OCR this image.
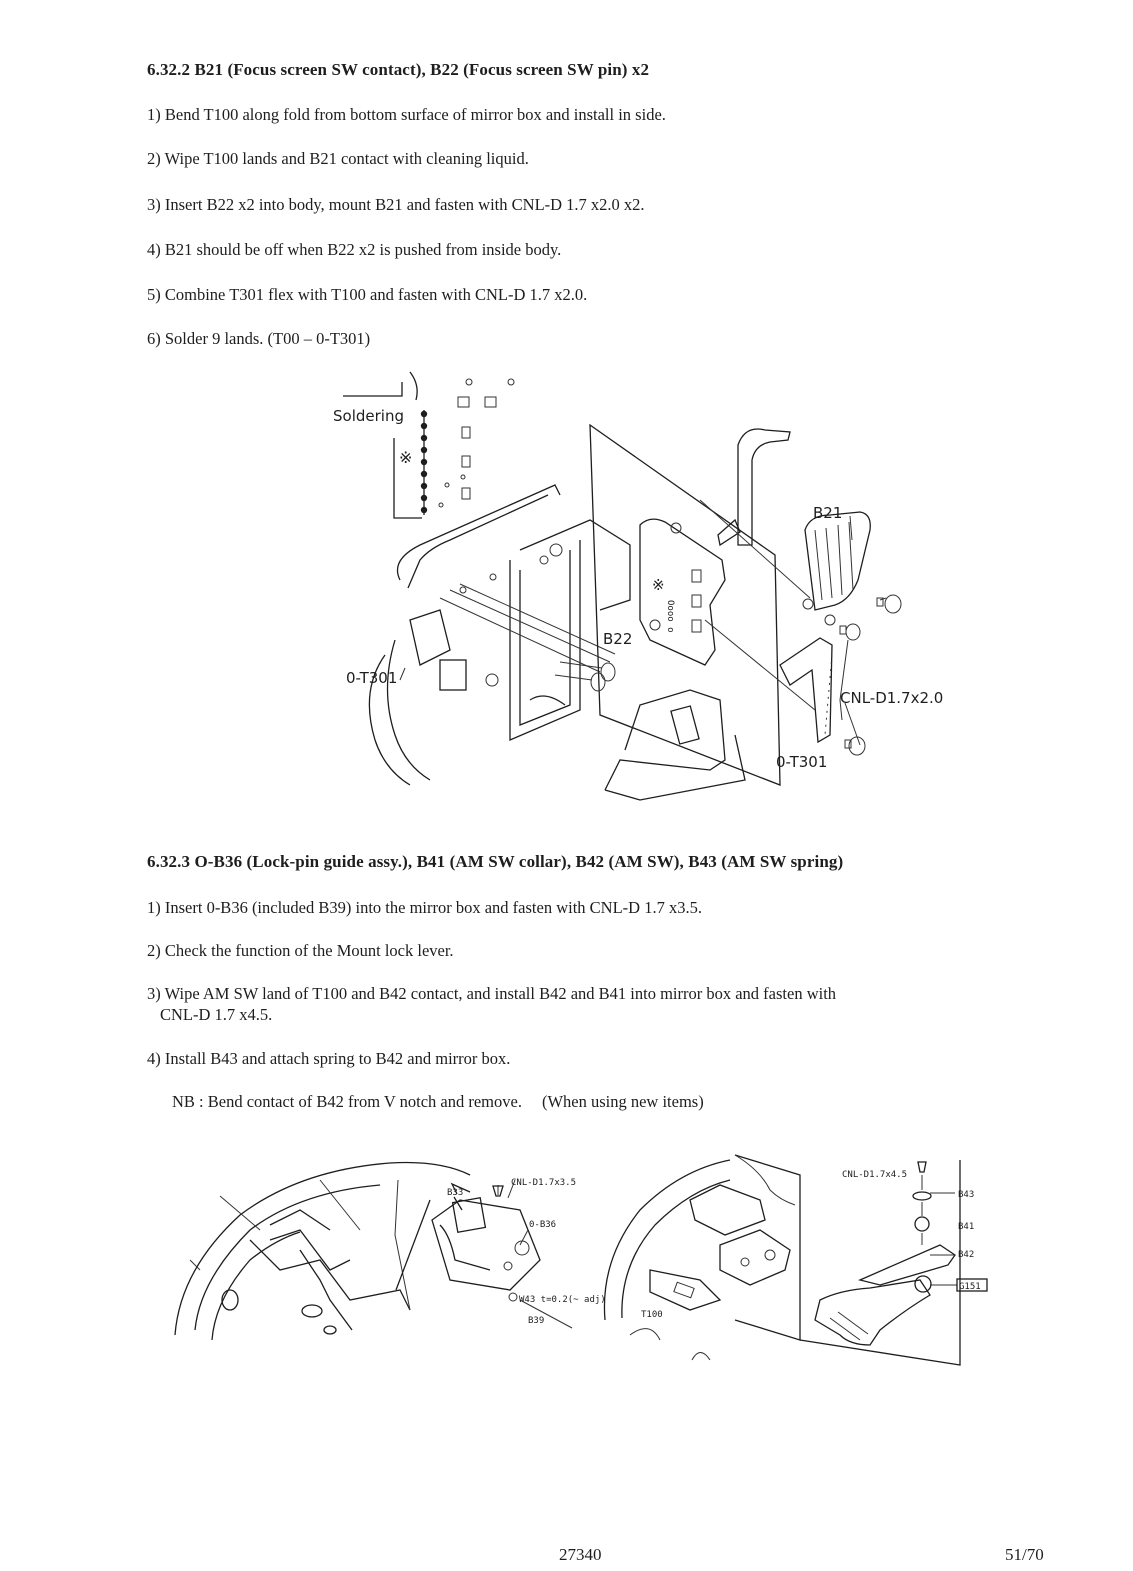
6.32.2 B21 (Focus screen SW contact), B22 (Focus screen SW pin) x2
1) Bend T100 along fold from bottom surface of mirror box and install in side.
2) Wipe T100 lands and B21 contact with cleaning liquid.
3) Insert B22 x2 into body, mount B21 and fasten with CNL-D 1.7 x2.0 x2.
4) B21 should be off when B22 x2 is pushed from inside body.
5) Combine T301 flex with T100 and fasten with CNL-D 1.7 x2.0.
6) Solder 9 lands. (T00 – 0-T301)
Soldering
※
Oooo o
B21
B22
0-T301
CNL-D1.7x2.0
0-T301
※
6.32.3 O-B36 (Lock-pin guide assy.), B41 (AM SW collar), B42 (AM SW), B43 (AM SW spring)
1) Insert 0-B36 (included B39) into the mirror box and fasten with CNL-D 1.7 x3.5.
2) Check the function of the Mount lock lever.
3) Wipe AM SW land of T100 and B42 contact, and install B42 and B41 into mirror box and fasten with
CNL-D 1.7 x4.5.
4) Install B43 and attach spring to B42 and mirror box.
NB : Bend contact of B42 from V notch and remove. (When using new items)
CNL-D1.7x3.5
B33
0-B36
W43 t=0.2(~ adj)
B39
T100
CNL-D1.7x4.5
B43
B41
B42
G151
27340	51/70
